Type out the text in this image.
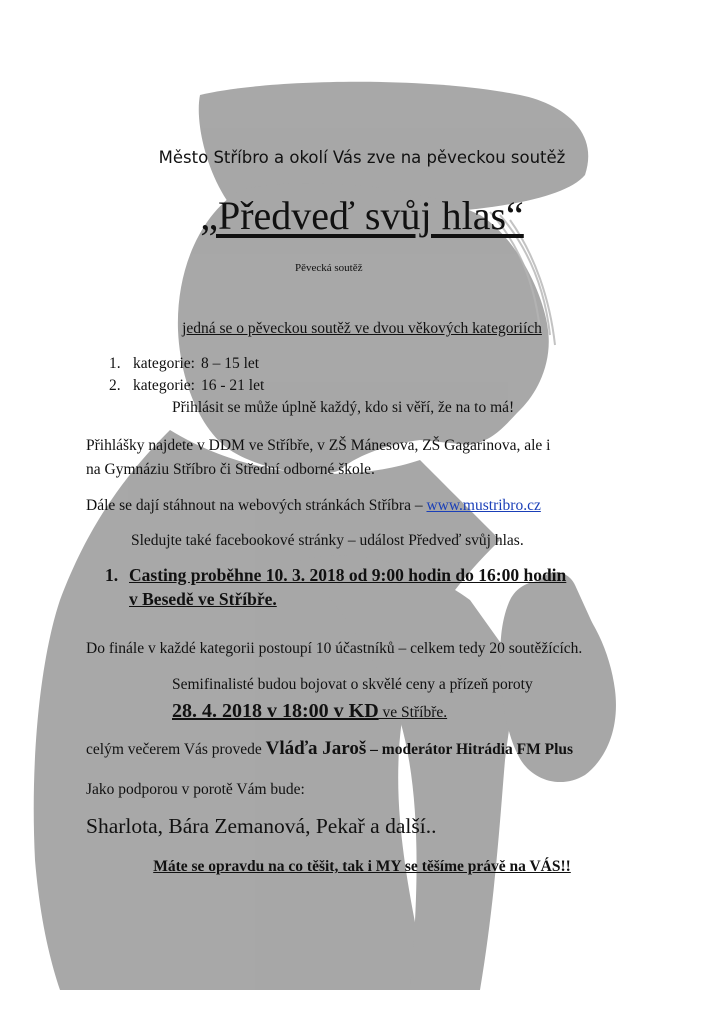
Město Stříbro a okolí Vás zve na pěveckou soutěž
„Předveď svůj hlas“
Pěvecká soutěž
jedná se o pěveckou soutěž ve dvou věkových kategoriích
1. kategorie: 8 – 15 let
2. kategorie: 16 - 21 let
Přihlásit se může úplně každý, kdo si věří, že na to má!
Přihlášky najdete v DDM ve Stříbře, v ZŠ Mánesova, ZŠ Gagarinova, ale i
na Gymnáziu Stříbro či Střední odborné škole.
Dále se dají stáhnout na webových stránkách Stříbra – www.mustribro.cz
Sledujte také facebookové stránky – událost Předveď svůj hlas.
1. Casting proběhne 10. 3. 2018 od 9:00 hodin do 16:00 hodin
v Besedě ve Stříbře.
Do finále v každé kategorii postoupí 10 účastníků – celkem tedy 20 soutěžících.
Semifinalisté budou bojovat o skvělé ceny a přízeň poroty
28. 4. 2018 v 18:00 v KD ve Stříbře.
celým večerem Vás provede Vláďa Jaroš – moderátor Hitrádia FM Plus
Jako podporou v porotě Vám bude:
Sharlota, Bára Zemanová, Pekař a další..
Máte se opravdu na co těšit, tak i MY se těšíme právě na VÁS!!
